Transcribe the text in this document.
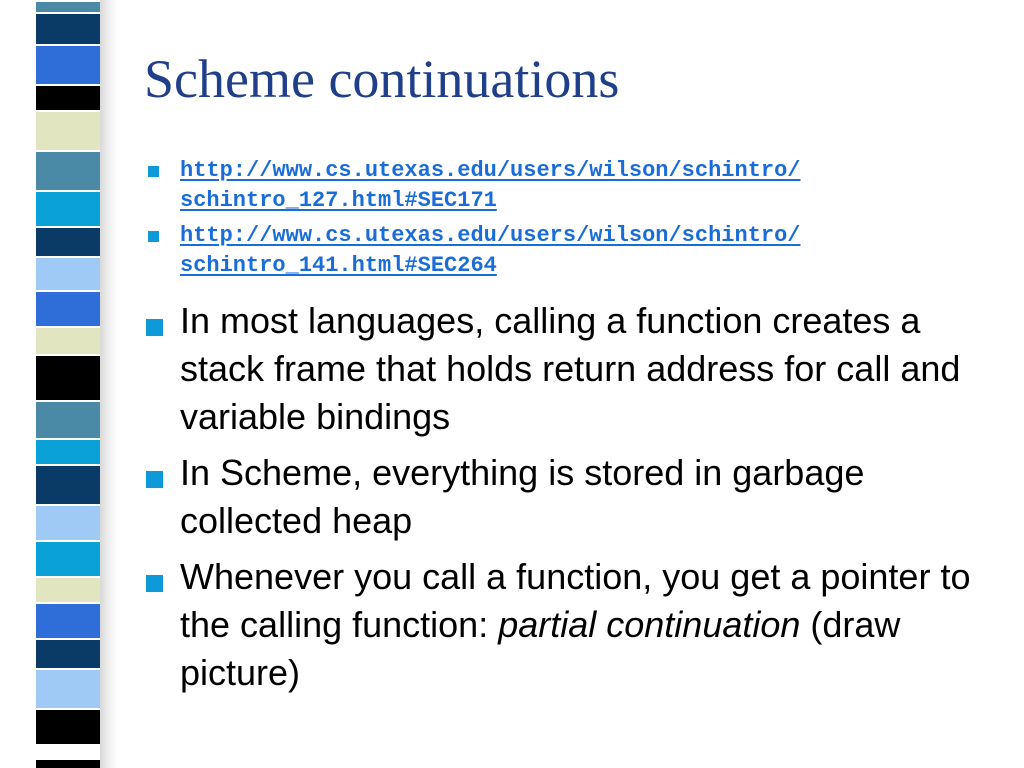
Scheme continuations
http://www.cs.utexas.edu/users/wilson/schintro/
schintro_127.html#SEC171
http://www.cs.utexas.edu/users/wilson/schintro/
schintro_141.html#SEC264
In most languages, calling a function creates a stack frame that holds return address for call and variable bindings
In Scheme, everything is stored in garbage collected heap
Whenever you call a function, you get a pointer to the calling function: partial continuation (draw picture)
